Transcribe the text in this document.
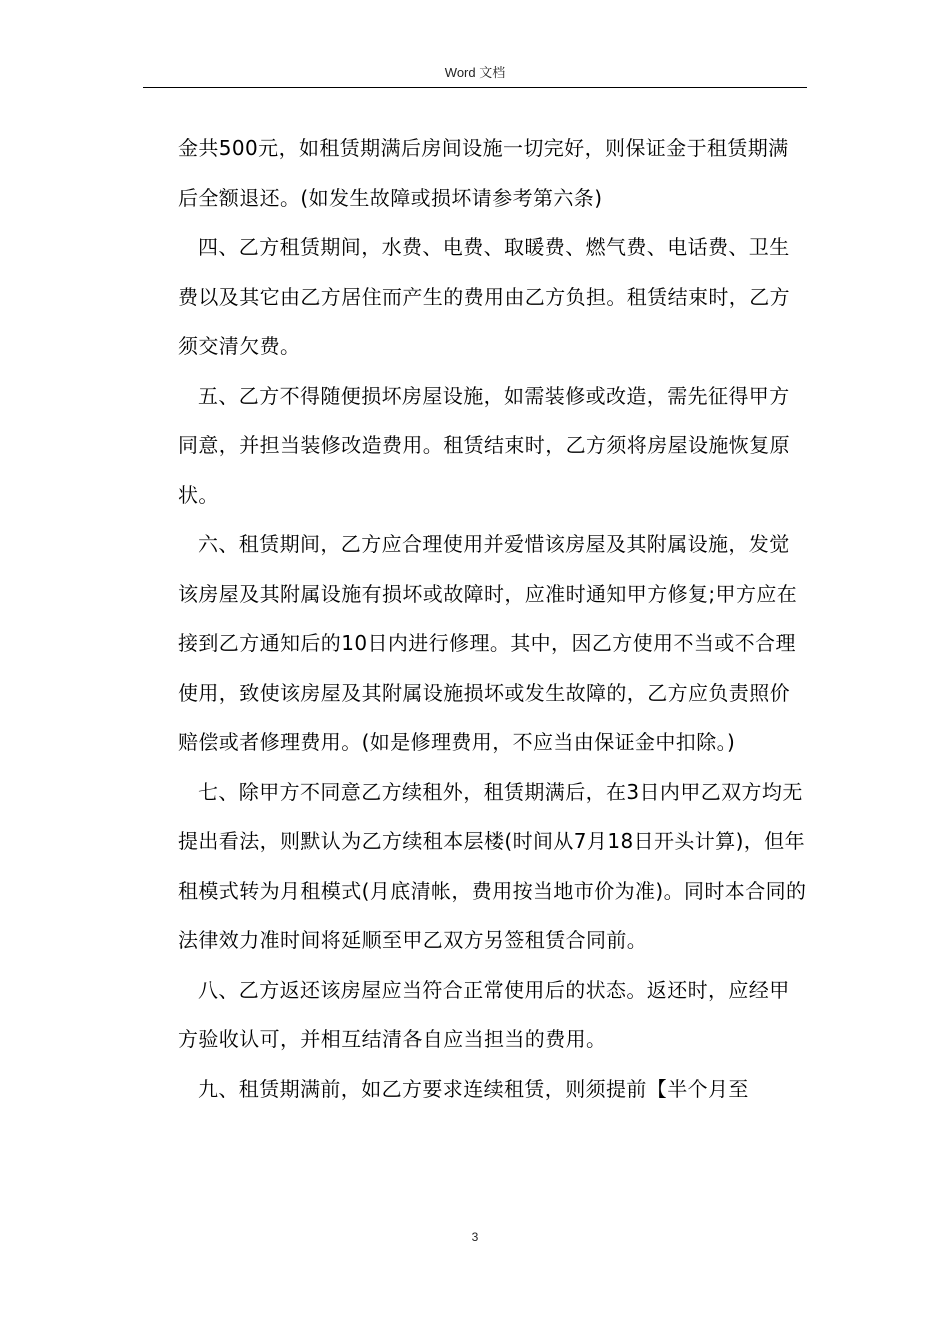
Word 文档

金共500元，如租赁期满后房间设施一切完好，则保证金于租赁期满后全额退还。(如发生故障或损坏请参考第六条)

四、乙方租赁期间，水费、电费、取暖费、燃气费、电话费、卫生费以及其它由乙方居住而产生的费用由乙方负担。租赁结束时，乙方须交清欠费。

五、乙方不得随便损坏房屋设施，如需装修或改造，需先征得甲方同意，并担当装修改造费用。租赁结束时，乙方须将房屋设施恢复原状。

六、租赁期间，乙方应合理使用并爱惜该房屋及其附属设施，发觉该房屋及其附属设施有损坏或故障时，应准时通知甲方修复;甲方应在接到乙方通知后的10日内进行修理。其中，因乙方使用不当或不合理使用，致使该房屋及其附属设施损坏或发生故障的，乙方应负责照价赔偿或者修理费用。(如是修理费用，不应当由保证金中扣除。)

七、除甲方不同意乙方续租外，租赁期满后，在3日内甲乙双方均无提出看法，则默认为乙方续租本层楼(时间从7月18日开头计算)，但年租模式转为月租模式(月底清帐，费用按当地市价为准)。同时本合同的法律效力准时间将延顺至甲乙双方另签租赁合同前。

八、乙方返还该房屋应当符合正常使用后的状态。返还时，应经甲方验收认可，并相互结清各自应当担当的费用。

九、租赁期满前，如乙方要求连续租赁，则须提前【半个月至

3
